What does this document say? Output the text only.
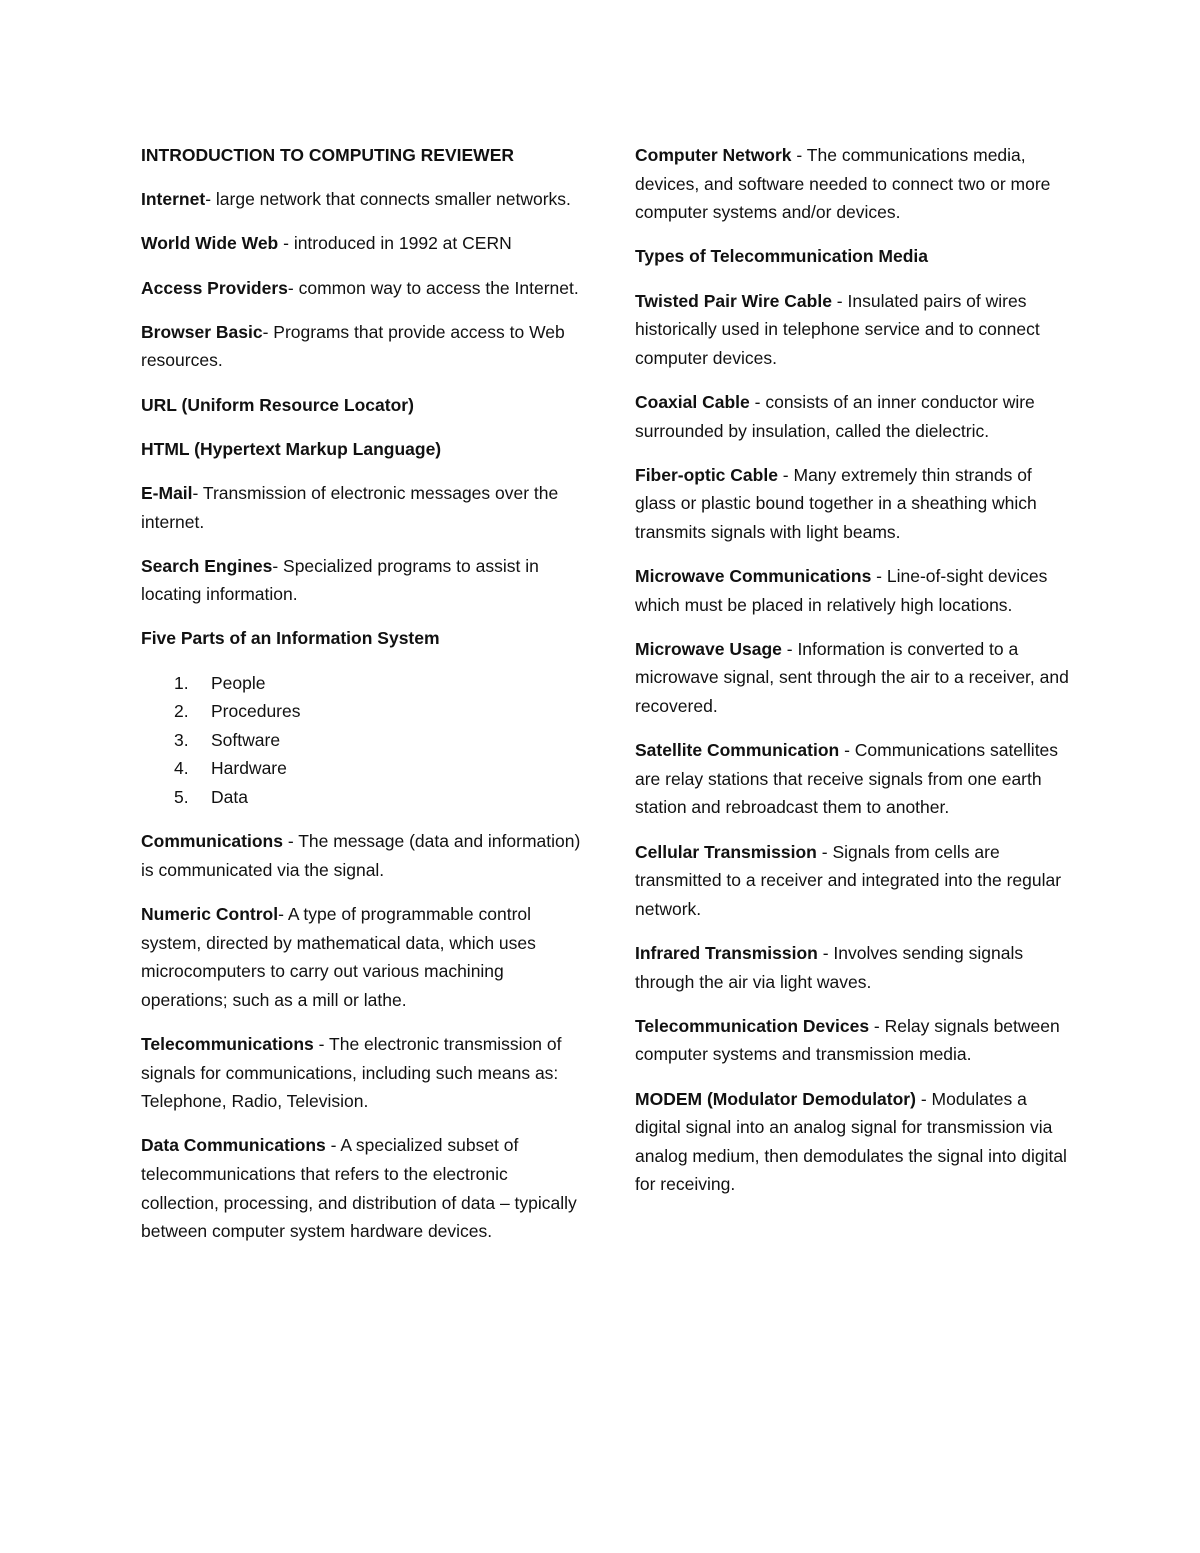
INTRODUCTION TO COMPUTING REVIEWER

Internet- large network that connects smaller networks.

World Wide Web - introduced in 1992 at CERN

Access Providers- common way to access the Internet.

Browser Basic- Programs that provide access to Web resources.

URL (Uniform Resource Locator)

HTML (Hypertext Markup Language)

E-Mail- Transmission of electronic messages over the internet.

Search Engines- Specialized programs to assist in locating information.

Five Parts of an Information System

1. People
2. Procedures
3. Software
4. Hardware
5. Data

Communications - The message (data and information) is communicated via the signal.

Numeric Control- A type of programmable control system, directed by mathematical data, which uses microcomputers to carry out various machining operations; such as a mill or lathe.

Telecommunications - The electronic transmission of signals for communications, including such means as: Telephone, Radio, Television.

Data Communications - A specialized subset of telecommunications that refers to the electronic collection, processing, and distribution of data – typically between computer system hardware devices.

Computer Network - The communications media, devices, and software needed to connect two or more computer systems and/or devices.

Types of Telecommunication Media

Twisted Pair Wire Cable - Insulated pairs of wires historically used in telephone service and to connect computer devices.

Coaxial Cable - consists of an inner conductor wire surrounded by insulation, called the dielectric.

Fiber-optic Cable - Many extremely thin strands of glass or plastic bound together in a sheathing which transmits signals with light beams.

Microwave Communications - Line-of-sight devices which must be placed in relatively high locations.

Microwave Usage - Information is converted to a microwave signal, sent through the air to a receiver, and recovered.

Satellite Communication - Communications satellites are relay stations that receive signals from one earth station and rebroadcast them to another.

Cellular Transmission - Signals from cells are transmitted to a receiver and integrated into the regular network.

Infrared Transmission - Involves sending signals through the air via light waves.

Telecommunication Devices - Relay signals between computer systems and transmission media.

MODEM (Modulator Demodulator) - Modulates a digital signal into an analog signal for transmission via analog medium, then demodulates the signal into digital for receiving.
